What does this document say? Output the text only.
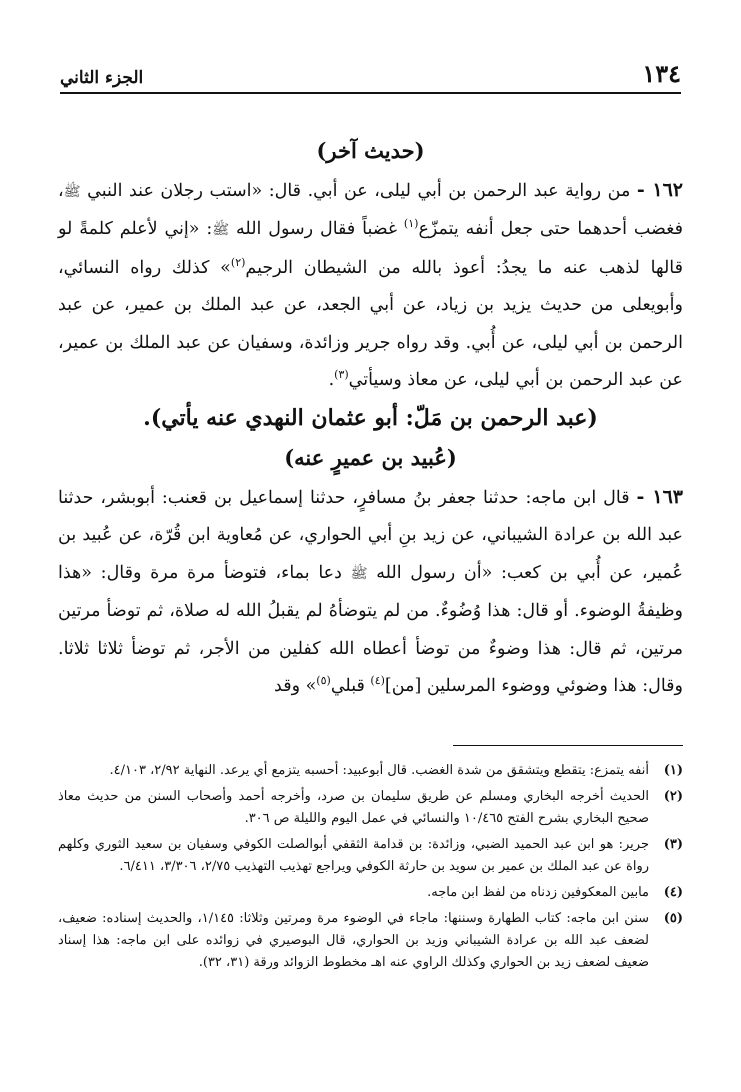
١٣٤
الجزء الثاني
(حديث آخر)

١٦٢ - من رواية عبد الرحمن بن أبي ليلى، عن أبي. قال: «استب رجلان عند النبي ﷺ، فغضب أحدهما حتى جعل أنفه يتمزّع$^{(١)}$ غضباً فقال رسول الله ﷺ: «إني لأعلم كلمةً لو قالها لذهب عنه ما يجدُ: أعوذ بالله من الشيطان الرجيم$^{(٢)}$» كذلك رواه النسائي، وأبويعلى من حديث يزيد بن زياد، عن أبي الجعد، عن عبد الملك بن عمير، عن عبد الرحمن بن أبي ليلى، عن أُبي. وقد رواه جرير وزائدة، وسفيان عن عبد الملك بن عمير، عن عبد الرحمن بن أبي ليلى، عن معاذ وسيأتي$^{(٣)}$.

(عبد الرحمن بن مَلّ: أبو عثمان النهدي عنه يأتي).
(عُبيد بن عميرٍ عنه)

١٦٣ - قال ابن ماجه: حدثنا جعفر بنُ مسافرٍ، حدثنا إسماعيل بن قعنب: أبوبشر، حدثنا عبد الله بن عرادة الشيباني، عن زيد بنِ أبي الحواري، عن مُعاوية ابن قُرّة، عن عُبيد بن عُمير، عن أُبي بن كعب: «أن رسول الله ﷺ دعا بماء، فتوضأ مرة مرة وقال: «هذا وظيفةُ الوضوء. أو قال: هذا وُضُوءٌ. من لم يتوضأهُ لم يقبلُ الله له صلاة، ثم توضأ مرتين مرتين، ثم قال: هذا وضوءٌ من توضأ أعطاه الله كفلين من الأجر، ثم توضأ ثلاثا ثلاثا. وقال: هذا وضوئي ووضوء المرسلين [من]$^{(٤)}$ قبلي$^{(٥)}$» وقد

(١)
أنفه يتمزع: يتقطع ويتشقق من شدة الغضب. قال أبوعبيد: أحسبه يتزمع أي يرعد. النهاية ٢/٩٢، ٤/١٠٣.
(٢)
الحديث أخرجه البخاري ومسلم عن طريق سليمان بن صرد، وأخرجه أحمد وأصحاب السنن من حديث معاذ صحيح البخاري بشرح الفتح ١٠/٤٦٥ والنسائي في عمل اليوم والليلة ص ٣٠٦.
(٣)
جرير: هو ابن عبد الحميد الضبي، وزائدة: بن قدامة الثقفي أبوالصلت الكوفي وسفيان بن سعيد الثوري وكلهم رواة عن عبد الملك بن عمير بن سويد بن حارثة الكوفي ويراجع تهذيب التهذيب ٢/٧٥، ٣/٣٠٦، ٦/٤١١.
(٤)
مابين المعكوفين زدناه من لفظ ابن ماجه.
(٥)
سنن ابن ماجه: كتاب الطهارة وسننها: ماجاء في الوضوء مرة ومرتين وثلاثا: ١/١٤٥، والحديث إسناده: ضعيف، لضعف عبد الله بن عرادة الشيباني وزيد بن الحواري، قال البوصيري في زوائده على ابن ماجه: هذا إسناد ضعيف لضعف زيد بن الحواري وكذلك الراوي عنه اهـ مخطوط الزوائد ورقة (٣١، ٣٢).
